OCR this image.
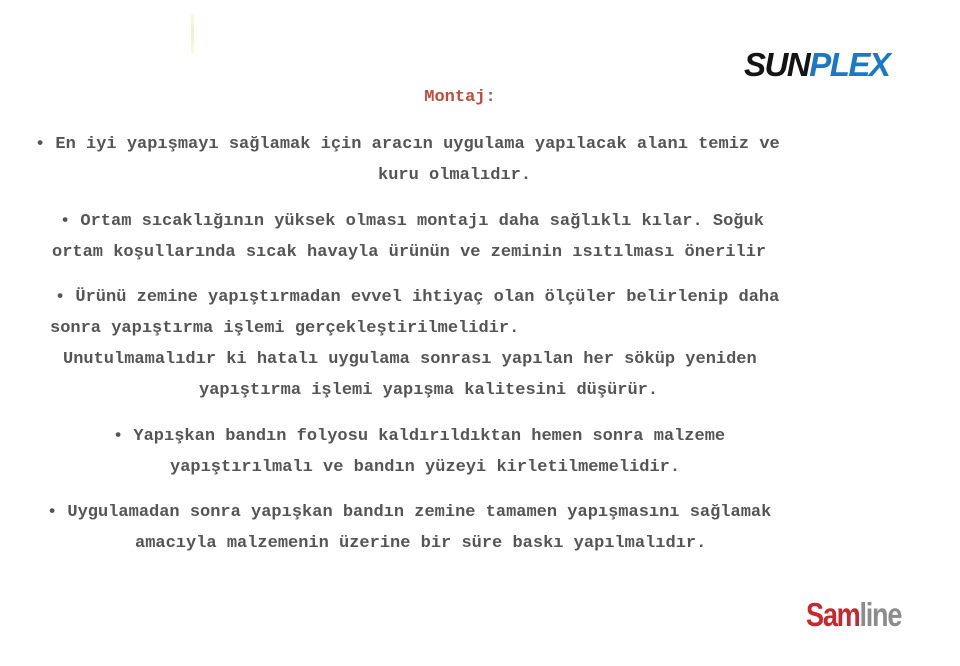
SUN PLEX
Montaj:
• En iyi yapışmayı sağlamak için aracın uygulama yapılacak alanı temiz ve
kuru olmalıdır.
• Ortam sıcaklığının yüksek olması montajı daha sağlıklı kılar. Soğuk
ortam koşullarında sıcak havayla ürünün ve zeminin ısıtılması önerilir
• Ürünü zemine yapıştırmadan evvel ihtiyaç olan ölçüler belirlenip daha
sonra yapıştırma işlemi gerçekleştirilmelidir.
Unutulmamalıdır ki hatalı uygulama sonrası yapılan her söküp yeniden
yapıştırma işlemi yapışma kalitesini düşürür.
• Yapışkan bandın folyosu kaldırıldıktan hemen sonra malzeme
yapıştırılmalı ve bandın yüzeyi kirletilmemelidir.
• Uygulamadan sonra yapışkan bandın zemine tamamen yapışmasını sağlamak
amacıyla malzemenin üzerine bir süre baskı yapılmalıdır.
Samline
